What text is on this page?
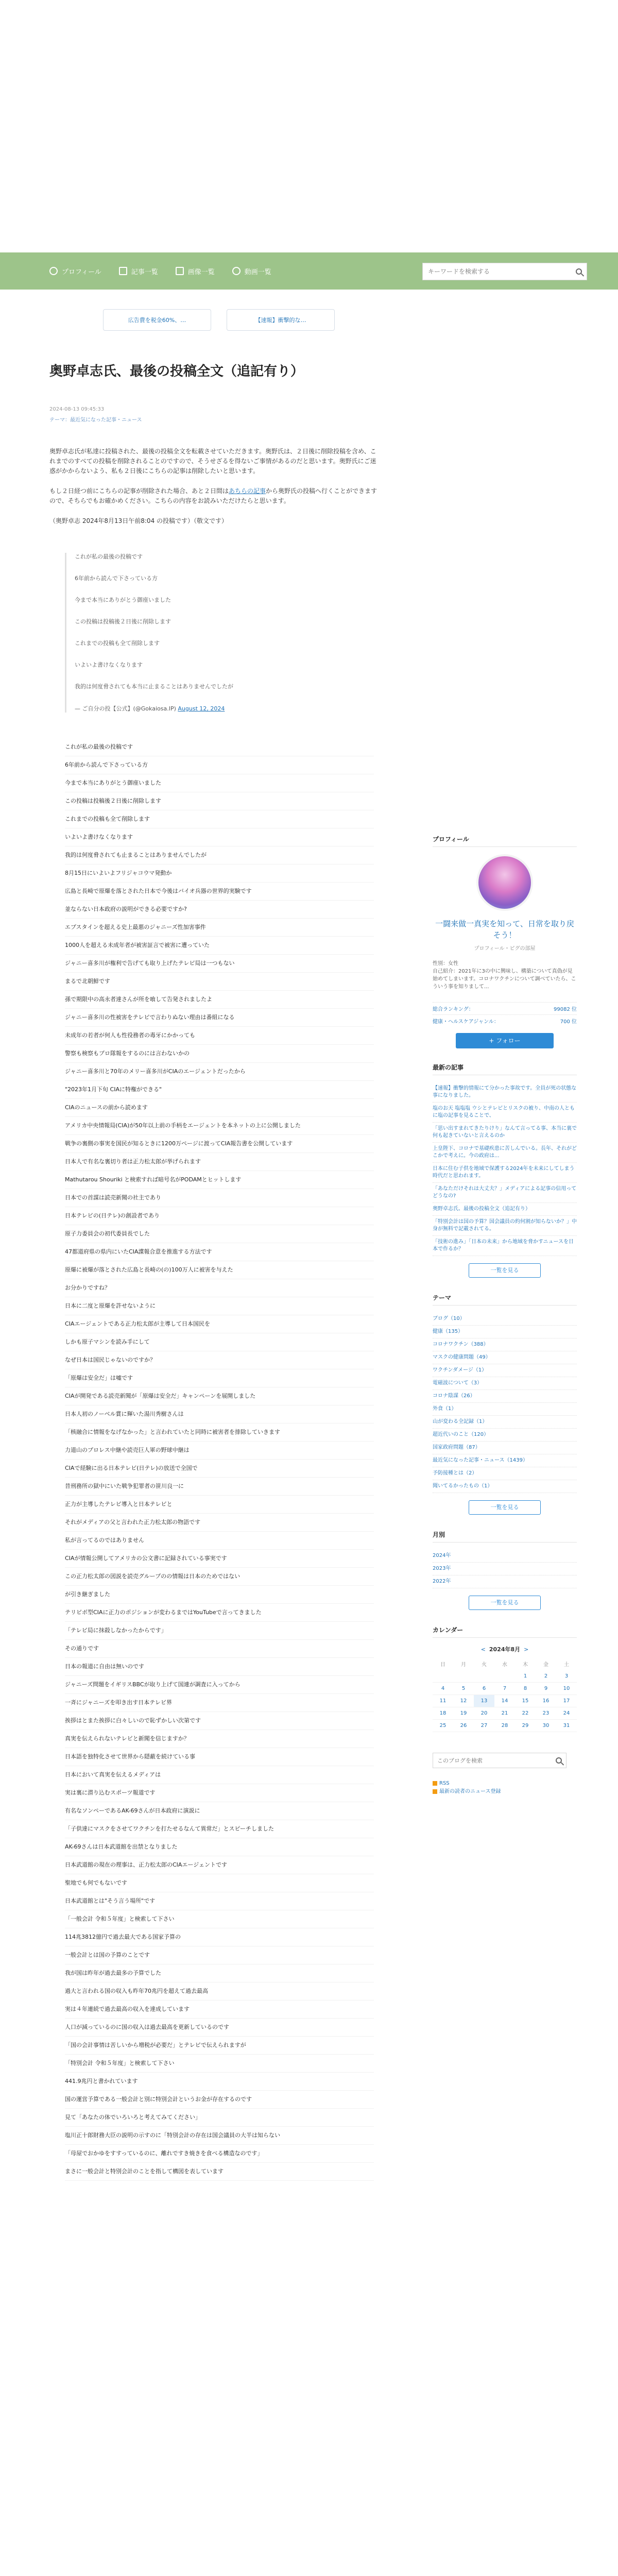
プロフィール	記事一覧	画像一覧	動画一覧
キーワードを検索する
広告費を税金60%、…	【速報】衝撃的な…
奥野卓志氏、最後の投稿全文（追記有り）
2024-08-13 09:45:33
テーマ：最近気になった記事・ニュース

奥野卓志氏が私達に投稿された、最後の投稿全文を転載させていただきます。奥野氏は、２日後に削除投稿を含め、これまでのすべての投稿を削除されることのですので、そうせざるを得ないご事情があるのだと思います。奥野氏にご迷惑がかからないよう、私も２日後にこちらの記事は削除したいと思います。

もし２日経つ前にこちらの記事が削除された場合、あと２日間はあちらの記事から奥野氏の投稿へ行くことができますので、そちらでもお確かめください。こちらの内容をお読みいただけたらと思います。

（奥野卓志 2024年8月13日午前8:04 の投稿です）（敬文です）

これが私の最後の投稿です

6年前から読んで下さっている方

今まで本当にありがとう御座いました

この投稿は投稿後２日後に削除します

これまでの投稿も全て削除します

いよいよ書けなくなります

我的は何度脅されても本当に止まることはありませんでしたが

— ご自分の投【公式】(@Gokaiosa.IP) August 12, 2024
これが私の最後の投稿です
6年前から読んで下さっている方
今まで本当にありがとう御座いました
この投稿は投稿後２日後に削除します
これまでの投稿も全て削除します
いよいよ書けなくなります
我的は何度脅されても止まることはありませんでしたが
8月15日にいよいよフリジャコウマ発動か
広島と長崎で原爆を落とされた日本で今後はバイオ兵器の世界的実験です
並ならない日本政府の説明ができる必要ですか?
エプスタインを超える史上最悪のジャニーズ性加害事件
1000人を超える未成年者が被害証言で被害に遭っていた
ジャニー喜多川が権利で告げても取り上げたテレビ局は一つもない
まるで北朝鮮です
孫で期限中の高永者達さんが所を喰して告発されましたよ
ジャニー喜多川の性被害をテレビで言わりぬない理由は番組になる
未成年の若者が何人も性役務者の毒牙にかかっても
警察も検察もプロ隊報をするのには言わないかの
ジャニー喜多川と70年のメリー喜多川がCIAのエージェントだったから
"2023年1月下旬 CIAに特権ができる"
CIAのニュースの前から読めます
アメリカ中央情報局(CIA)が50年以上前の手柄をエージェントを本ネットの上に公開しました
戦争の裏側の事実を国民が知るときに1200万ページに渡ってCIA報告書を公開しています
日本人で有名な裏切り者は正力松太郎が挙げられます
Mathutarou Shouriki と検索すれば暗号名がPODAMとヒットします
日本での首謀は読売新聞の社主であり
日本テレビの(日テレ)の創設者であり
原子力委員会の初代委員長でした
47都道府県の県内にいたCIA諜報合意を推進する方法です
原爆に被爆が落とされた広島と長崎の(の)100万人に被害を与えた
お分かりですね？
日本に二度と原爆を許せないように
CIAエージェントである正力松太郎が主導して日本国民を
しかも原子マシンを読み手にして
なぜ日本は国民じゃないのですか？
「原爆は安全だ」は嘘です
CIAが開発である読売新聞が「原爆は安全だ」キャンペーンを展開しました
日本人初のノーベル賞に輝いた湯川秀樹さんは
「核融合に情報をなげなかった」と言われていたと同時に被害者を排除していきます
力道山のプロレス中継や読売巨人軍の野球中継は
CIAで経験に出る日本テレビ(日テレ)の放送で全国で
昔刑務所の獄中にいた戦争犯罪者の笹川良一に
正力が主導したテレビ導入と日本テレビと
それがメディアの父と言われた正力松太郎の物語です
私が言ってるのではありません
CIAが情報公開してアメリカの公文書に記録されている事実です
この正力松太郎の図説を読売グループのの情報は日本のためではない
が引き継ぎました
テリビボ型CIAに正力のポジションが変わるまではYouTubeで言ってきました
「テレビ局に抹殺しなかったからです」
その通りです
日本の報道に自由は無いのです
ジャニーズ問題をイギリスBBCが取り上げて国連が調査に入ってから
一斉にジャニーズを叩き出す日本テレビ界
挨拶はとまた挨拶に白々しいので恥ずかしい次第です
真実を伝えられないテレビと新聞を信じますか？
日本語を独特化させて世界から隠蔽を続けている事
日本において真実を伝えるメディアは
実は裏に潜り込むスポーツ報道です
有名なソンペーであるAK-69さんが日本政府に演説に
「子供達にマスクをさせてワクチンを打たせるなんて異常だ」とスピーチしました
AK-69さんは日本武道館を出禁となりました
日本武道館の現在の理事は、正力松太郎のCIAエージェントです
聖地でも何でもないです
日本武道館とは"そう言う場所"です
「一般会計 令和５年度」と検索して下さい
114兆3812億円で過去最大である国家予算の
一般会計とは国の予算のことです
我が国は昨年が過去最多の予算でした
過大と言われる国の収入も昨年70兆円を超えて過去最高
実は４年連続で過去最高の収入を達成しています
人口が減っているのに国の収入は過去最高を更新しているのです
「国の会計事情は苦しいから増税が必要だ」とテレビで伝えられますが
「特別会計 令和５年度」と検索して下さい
441.9兆円と書かれています
国の運営予算である一般会計と別に特別会計というお金が存在するのです
見て「あなたの体でいろいろと考えてみてください」
塩川正十郎財務大臣の説明の示すのに「特別会計の存在は国会議員の大半は知らない
「母屋でおかゆをすすっているのに、離れですき焼きを食べる構造なのです」
まさに一般会計と特別会計のことを指して構図を表しています
プロフィール
一闘来做一真実を知って、日常を取り戻そう！
プロフィール・ピグの部屋
性別：女性
自己紹介：2021年に3の中に興味し、構築について真偽が見始めてしまいます。コロナワクチンについて調べていたら、こういう事を知りまして...
総合ランキング：	99082 位
健康・ヘルスケアジャンル：	700 位
+ フォロー
最新の記事
【速報】衝撃的情報にて分かった事故です。全員が死の状態な事になりました。
塩のお天 塩塩塩 ウシとテレビとリスクの被り、中南の人ともに塩の記事を見ることで、
「思い出すまれてきたりけり」なんて言ってる事、本当に裏で何も起きていないと言えるのか
上皇陛下、コロナで基礎疾患に苦しんでいる。長年、それがどこかで考えに。今の政府は...
日本に住む子供を地域で保護する2024年を未来にしてしまう時代だと思われます。
「あなただけそれは大丈夫？」メディアによる記事の信用ってどうなの?
奥野卓志氏、最後の投稿全文（追記有り）
「特別会計は国の予算？国会議員の約何割が知らないか？」中身が無料で記載されてる。
「技術の進み」「日本の未来」から地域を脅かすニュースを日本で作るか？
一覧を見る
テーマ
ブログ（10）
健康（135）
コロナワクチン（388）
マスクの健康問題（49）
ワクチンダメージ（1）
電磁波について（3）
コロナ陰謀（26）
外食（1）
山が変わる全記録（1）
超近代いのこと（120）
国家政府問題（87）
最近気になった記事・ニュース（1439）
予防接種とは（2）
聞いてるかったもの（1）
一覧を見る
月別
2024年
2023年
2022年
一覧を見る
カレンダー
< 2024年8月 >
日	月	火	水	木	金	土
				1	2	3
4	5	6	7	8	9	10
11	12	13	14	15	16	17
18	19	20	21	22	23	24
25	26	27	28	29	30	31
このブログを検索
RSS
最新の読者のニュース登録
